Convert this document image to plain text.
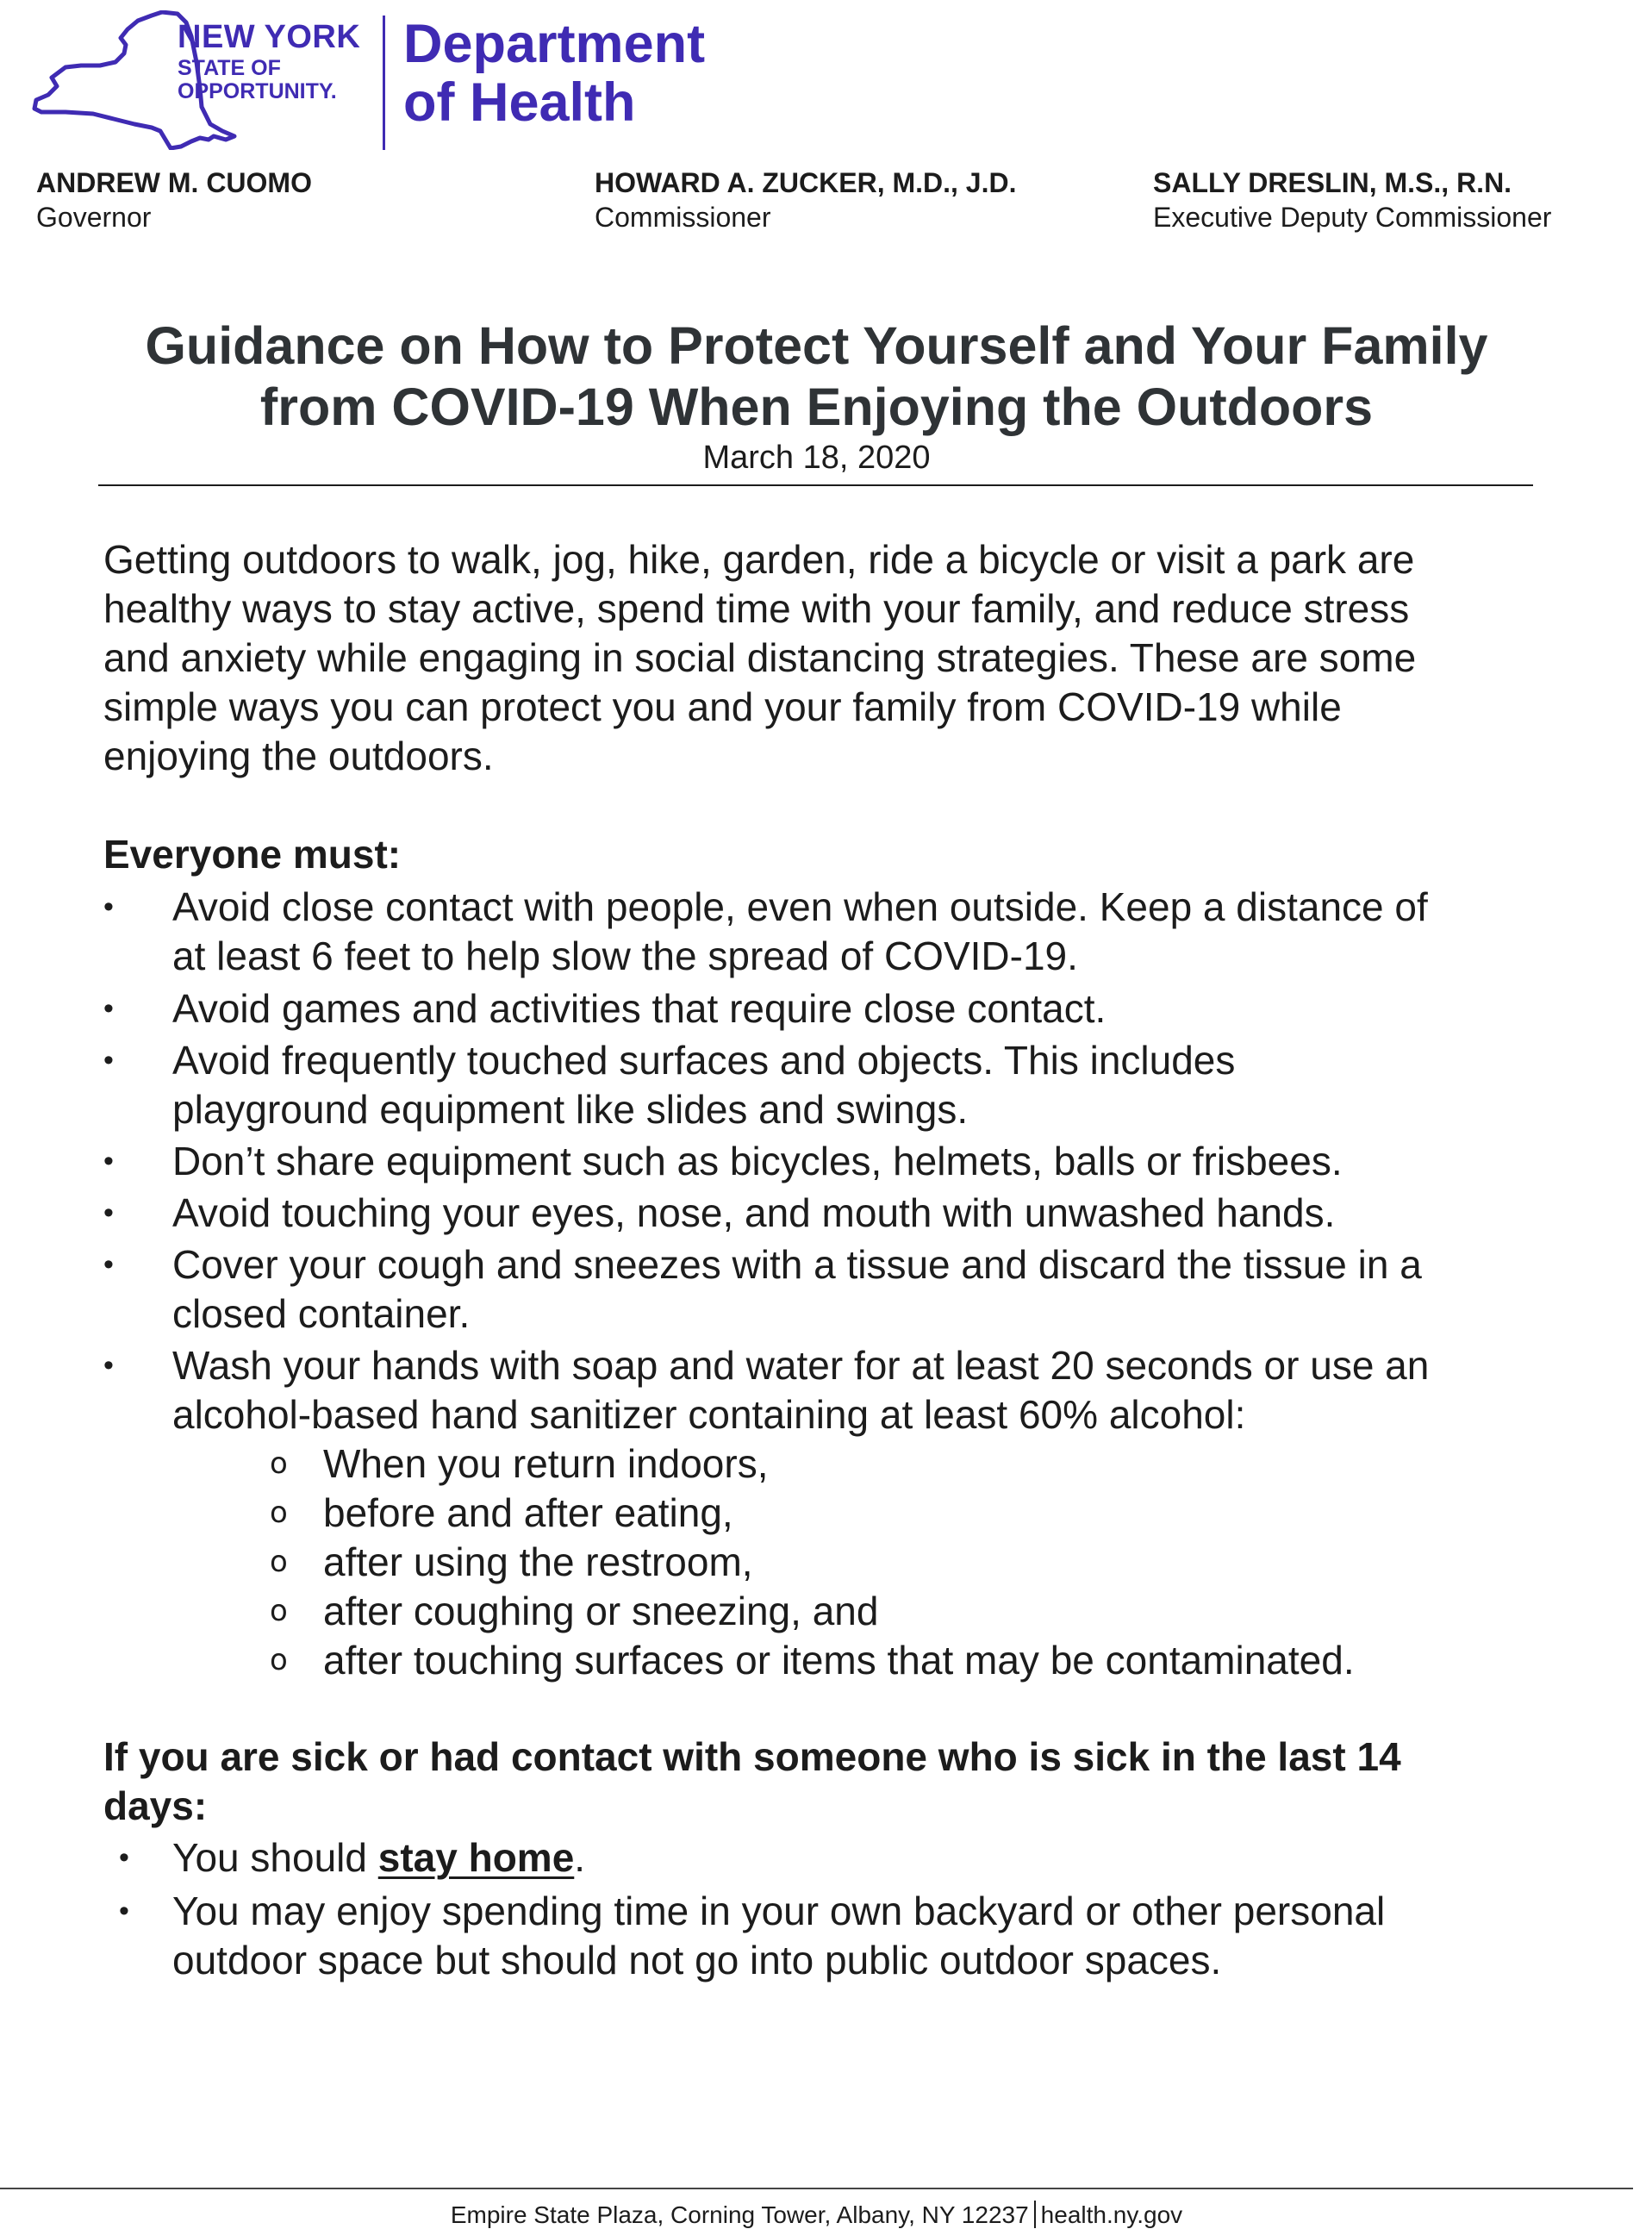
NEW YORK
STATE OF
OPPORTUNITY.
Department
of Health
ANDREW M. CUOMO
Governor
HOWARD A. ZUCKER, M.D., J.D.
Commissioner
SALLY DRESLIN, M.S., R.N.
Executive Deputy Commissioner
Guidance on How to Protect Yourself and Your Family
from COVID-19 When Enjoying the Outdoors
March 18, 2020
Getting outdoors to walk, jog, hike, garden, ride a bicycle or visit a park are
healthy ways to stay active, spend time with your family, and reduce stress
and anxiety while engaging in social distancing strategies. These are some
simple ways you can protect you and your family from COVID-19 while
enjoying the outdoors.
Everyone must:
• Avoid close contact with people, even when outside. Keep a distance of
at least 6 feet to help slow the spread of COVID-19.
• Avoid games and activities that require close contact.
• Avoid frequently touched surfaces and objects. This includes
playground equipment like slides and swings.
• Don’t share equipment such as bicycles, helmets, balls or frisbees.
• Avoid touching your eyes, nose, and mouth with unwashed hands.
• Cover your cough and sneezes with a tissue and discard the tissue in a
closed container.
• Wash your hands with soap and water for at least 20 seconds or use an
alcohol-based hand sanitizer containing at least 60% alcohol:
o When you return indoors,
o before and after eating,
o after using the restroom,
o after coughing or sneezing, and
o after touching surfaces or items that may be contaminated.
If you are sick or had contact with someone who is sick in the last 14
days:
• You should stay home.
• You may enjoy spending time in your own backyard or other personal
outdoor space but should not go into public outdoor spaces.
Empire State Plaza, Corning Tower, Albany, NY 12237 health.ny.gov
